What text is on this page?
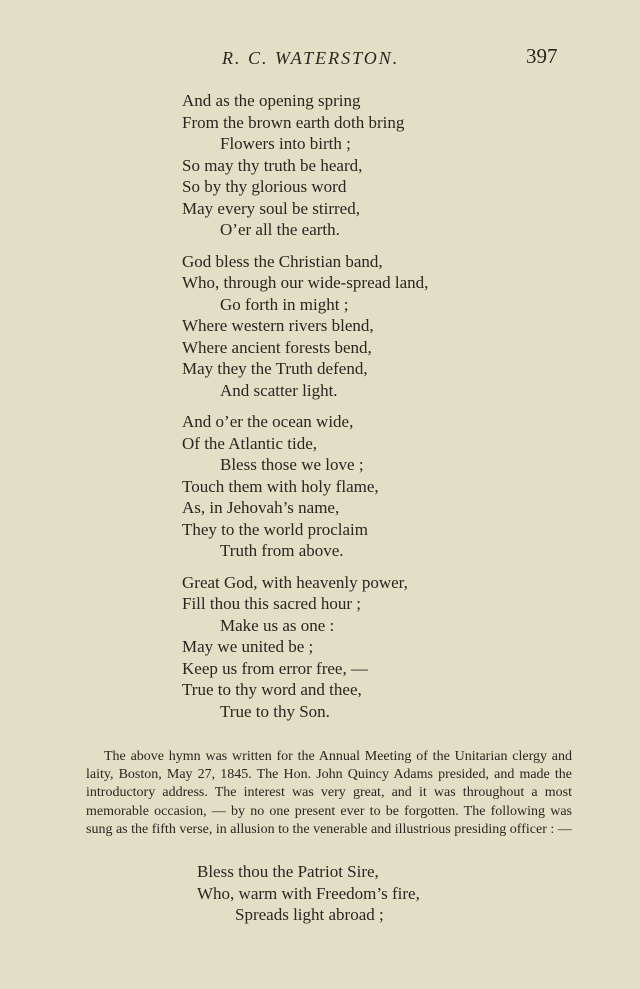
R. C. WATERSTON.	397
And as the opening spring
From the brown earth doth bring
Flowers into birth ;
So may thy truth be heard,
So by thy glorious word
May every soul be stirred,
O’er all the earth.
God bless the Christian band,
Who, through our wide-spread land,
Go forth in might ;
Where western rivers blend,
Where ancient forests bend,
May they the Truth defend,
And scatter light.
And o’er the ocean wide,
Of the Atlantic tide,
Bless those we love ;
Touch them with holy flame,
As, in Jehovah’s name,
They to the world proclaim
Truth from above.
Great God, with heavenly power,
Fill thou this sacred hour ;
Make us as one :
May we united be ;
Keep us from error free, —
True to thy word and thee,
True to thy Son.

The above hymn was written for the Annual Meeting of the Unitarian clergy and laity, Boston, May 27, 1845. The Hon. John Quincy Adams presided, and made the introductory address. The interest was very great, and it was throughout a most memorable occasion, — by no one present ever to be forgotten. The following was sung as the fifth verse, in allusion to the venerable and illustrious presiding officer : —

Bless thou the Patriot Sire,
Who, warm with Freedom’s fire,
Spreads light abroad ;
